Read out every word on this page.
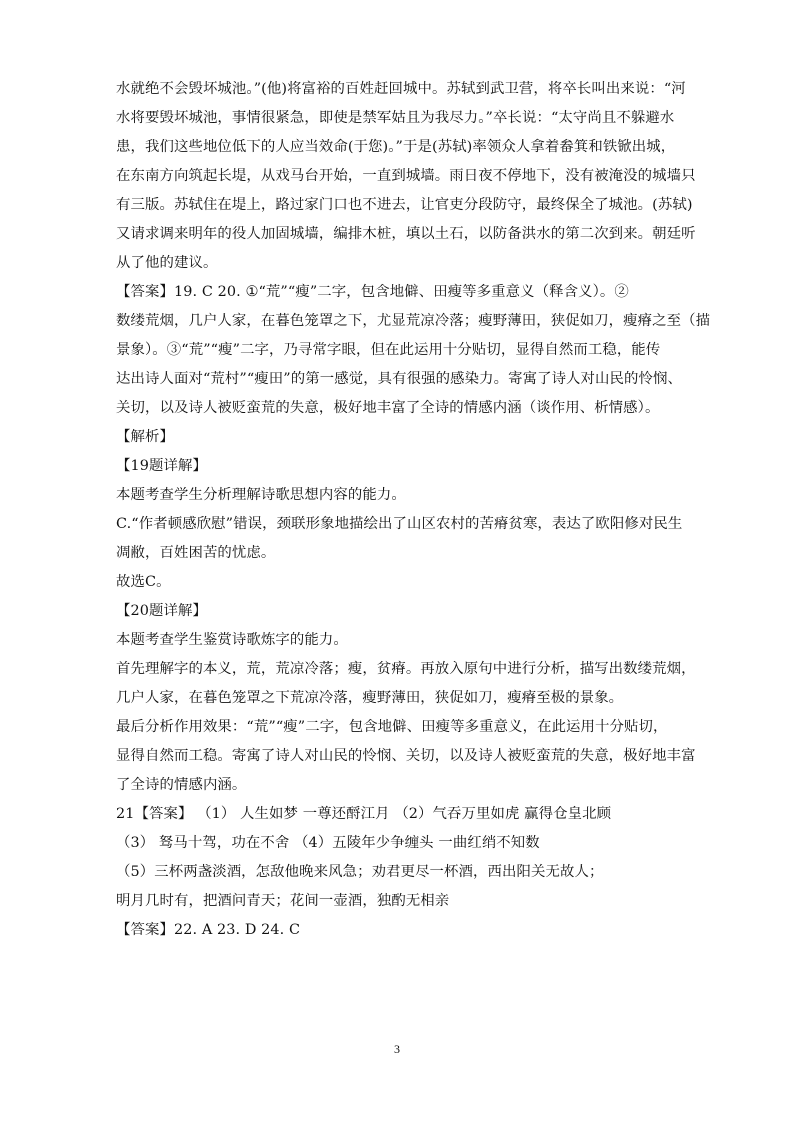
水就绝不会毁坏城池。”(他)将富裕的百姓赶回城中。苏轼到武卫营，将卒长叫出来说：“河
水将要毁坏城池，事情很紧急，即使是禁军姑且为我尽力。”卒长说：“太守尚且不躲避水
患，我们这些地位低下的人应当效命(于您)。”于是(苏轼)率领众人拿着畚箕和铁锨出城，
在东南方向筑起长堤，从戏马台开始，一直到城墙。雨日夜不停地下，没有被淹没的城墙只
有三版。苏轼住在堤上，路过家门口也不进去，让官吏分段防守，最终保全了城池。(苏轼)
又请求调来明年的役人加固城墙，编排木桩，填以土石，以防备洪水的第二次到来。朝廷听
从了他的建议。
【答案】19. C 20. ①“荒”“瘦”二字，包含地僻、田瘦等多重意义（释含义）。②
数缕荒烟，几户人家，在暮色笼罩之下，尤显荒凉冷落；瘦野薄田，狭促如刀，瘦瘠之至（描
景象）。③“荒”“瘦”二字，乃寻常字眼，但在此运用十分贴切，显得自然而工稳，能传
达出诗人面对“荒村”“瘦田”的第一感觉，具有很强的感染力。寄寓了诗人对山民的怜悯、
关切，以及诗人被贬蛮荒的失意，极好地丰富了全诗的情感内涵（谈作用、析情感）。
【解析】
【19题详解】
本题考查学生分析理解诗歌思想内容的能力。
C.“作者顿感欣慰”错误，颈联形象地描绘出了山区农村的苦瘠贫寒，表达了欧阳修对民生
凋敝，百姓困苦的忧虑。
故选C。
【20题详解】
本题考查学生鉴赏诗歌炼字的能力。
首先理解字的本义，荒，荒凉冷落；瘦，贫瘠。再放入原句中进行分析，描写出数缕荒烟，
几户人家，在暮色笼罩之下荒凉冷落，瘦野薄田，狭促如刀，瘦瘠至极的景象。
最后分析作用效果：“荒”“瘦”二字，包含地僻、田瘦等多重意义，在此运用十分贴切，
显得自然而工稳。寄寓了诗人对山民的怜悯、关切，以及诗人被贬蛮荒的失意，极好地丰富
了全诗的情感内涵。
21【答案】 （1） 人生如梦 一尊还酹江月 （2）气吞万里如虎 赢得仓皇北顾
（3） 驽马十驾，功在不舍 （4）五陵年少争缠头 一曲红绡不知数
（5）三杯两盏淡酒，怎敌他晚来风急；劝君更尽一杯酒，西出阳关无故人；
明月几时有，把酒问青天；花间一壶酒，独酌无相亲
【答案】22. A 23. D 24. C
3
